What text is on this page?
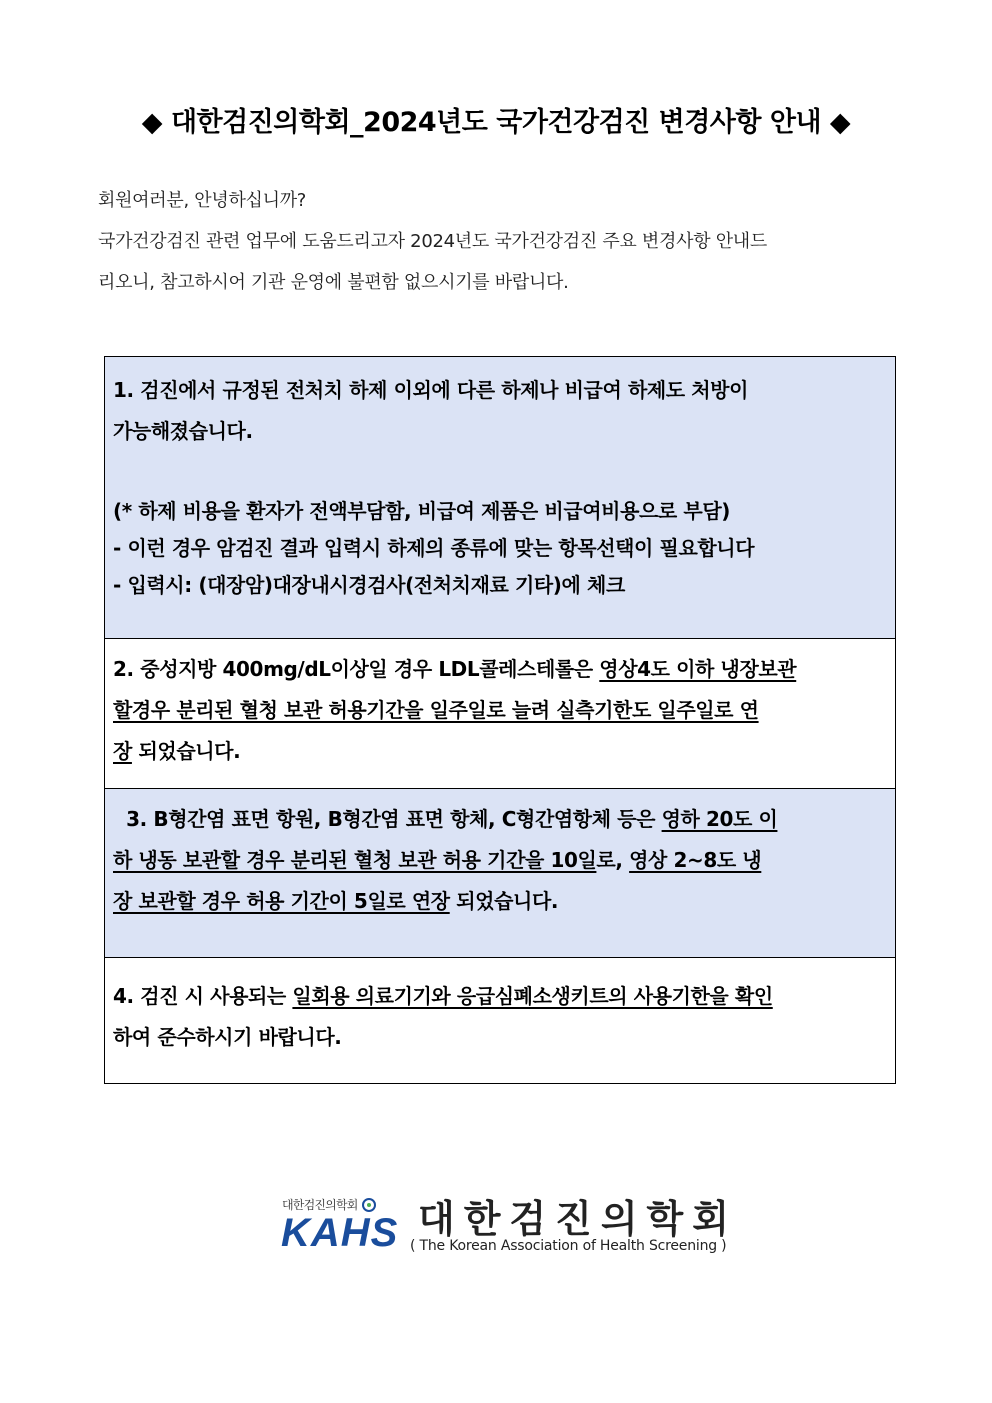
◆ 대한검진의학회_2024년도 국가건강검진 변경사항 안내 ◆

회원여러분, 안녕하십니까?

국가건강검진 관련 업무에 도움드리고자 2024년도 국가건강검진 주요 변경사항 안내드

리오니, 참고하시어 기관 운영에 불편함 없으시기를 바랍니다.

1. 검진에서 규정된 전처치 하제 이외에 다른 하제나 비급여 하제도 처방이

가능해졌습니다.

(* 하제 비용을 환자가 전액부담함, 비급여 제품은 비급여비용으로 부담)

- 이런 경우 암검진 결과 입력시 하제의 종류에 맞는 항목선택이 필요합니다

- 입력시: (대장암)대장내시경검사(전처치재료 기타)에 체크

2. 중성지방 400mg/dL이상일 경우 LDL콜레스테롤은 영상4도 이하 냉장보관

할경우 분리된 혈청 보관 허용기간을 일주일로 늘려 실측기한도 일주일로 연

장 되었습니다.

3. B형간염 표면 항원, B형간염 표면 항체, C형간염항체 등은 영하 20도 이

하 냉동 보관할 경우 분리된 혈청 보관 허용 기간을 10일로, 영상 2~8도 냉

장 보관할 경우 허용 기간이 5일로 연장 되었습니다.

4. 검진 시 사용되는 일회용 의료기기와 응급심폐소생키트의 사용기한을 확인

하여 준수하시기 바랍니다.

대한검진의학회
KAHS 대한검진의학회
( The Korean Association of Health Screening )
